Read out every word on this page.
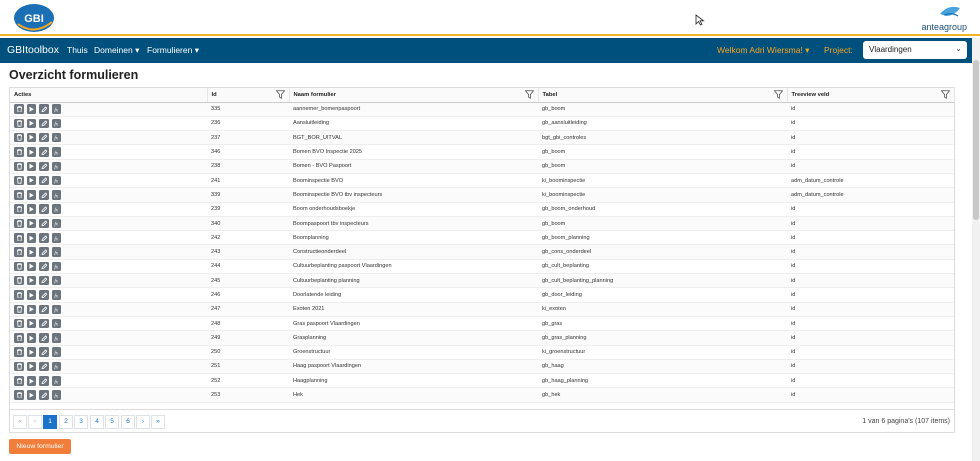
GBI
anteagroup
GBItoolbox Thuis Domeinen ▾ Formulieren ▾	Welkom Adri Wiersma! ▾ Project:	Vlaardingen	⌄
Overzicht formulieren
Acties	Id	Naam formulier	Tabel	Treeview veld

fx	335	aannemer_bomenpaspoort	gb_boom	id

fx	236	Aansluitleiding	gb_aansluitleiding	id

fx	237	BGT_BOR_UITVAL	bgt_gbi_controles	id

fx	346	Bomen BVO Inspectie 2025	gb_boom	id

fx	238	Bomen - BVO Paspoort	gb_boom	id

fx	241	Boominspectie BVO	ki_boominspectie	adm_datum_controle

fx	339	Boominspectie BVO tbv inspecteurs	ki_boominspectie	adm_datum_controle

fx	239	Boom onderhoudsboekje	gb_boom_onderhoud	id

fx	340	Boompaspoort tbv inspecteurs	gb_boom	id

fx	242	Boomplanning	gb_boom_planning	id

fx	243	Constructieonderdeel	gb_cons_onderdeel	id

fx	244	Cultuurbeplanting paspoort Vlaardingen	gb_cult_beplanting	id

fx	245	Cultuurbeplanting planning	gb_cult_beplanting_planning	id

fx	246	Doorlatende leiding	gb_door_leiding	id

fx	247	Exoten 2021	ki_exoten	id

fx	248	Gras paspoort Vlaardingen	gb_gras	id

fx	249	Grasplanning	gb_gras_planning	id

fx	250	Groenstructuur	ki_groenstructuur	id

fx	251	Haag paspoort Vlaardingen	gb_haag	id

fx	252	Haagplanning	gb_haag_planning	id

fx	253	Hek	gb_hek	id
«	‹	1	2	3	4	5	6	›	»	1 van 6 pagina's (107 items)
Nieuw formulier
